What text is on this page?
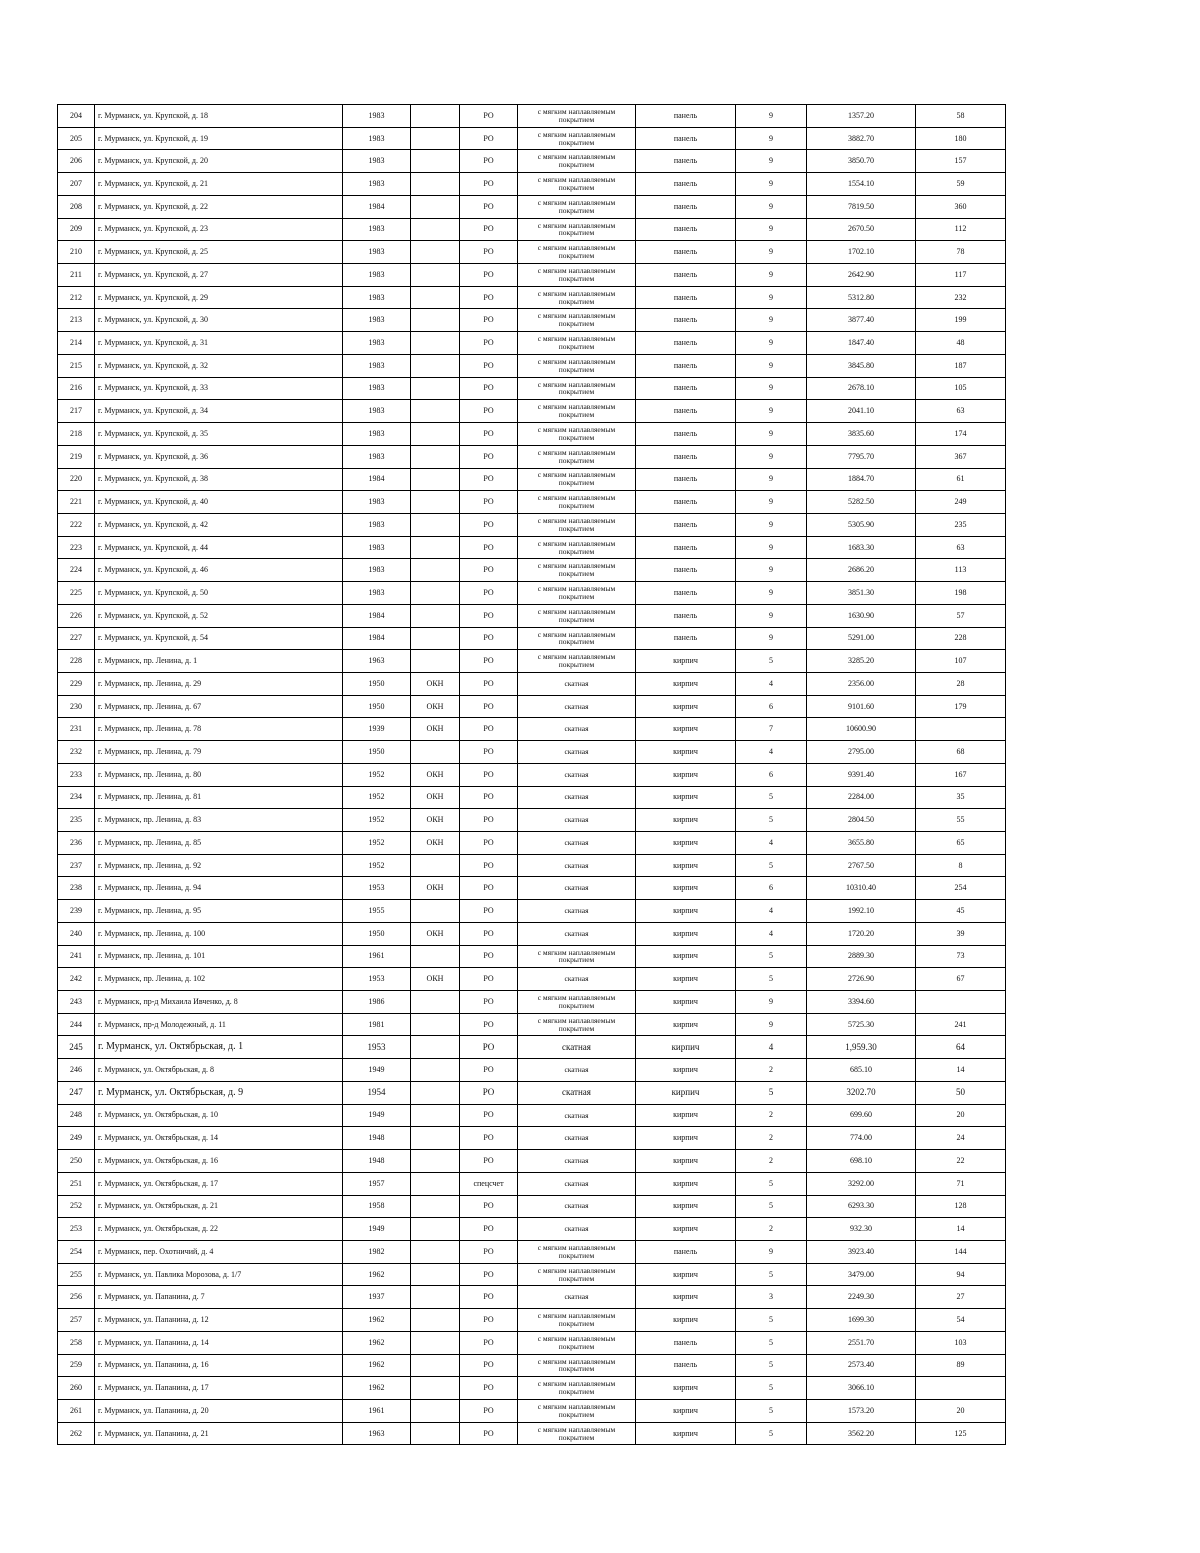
204	г. Мурманск, ул. Крупской, д. 18	1983		РО	с мягким наплавляемым покрытием	панель	9	1357.20	58
205	г. Мурманск, ул. Крупской, д. 19	1983		РО	с мягким наплавляемым покрытием	панель	9	3882.70	180
206	г. Мурманск, ул. Крупской, д. 20	1983		РО	с мягким наплавляемым покрытием	панель	9	3850.70	157
207	г. Мурманск, ул. Крупской, д. 21	1983		РО	с мягким наплавляемым покрытием	панель	9	1554.10	59
208	г. Мурманск, ул. Крупской, д. 22	1984		РО	с мягким наплавляемым покрытием	панель	9	7819.50	360
209	г. Мурманск, ул. Крупской, д. 23	1983		РО	с мягким наплавляемым покрытием	панель	9	2670.50	112
210	г. Мурманск, ул. Крупской, д. 25	1983		РО	с мягким наплавляемым покрытием	панель	9	1702.10	78
211	г. Мурманск, ул. Крупской, д. 27	1983		РО	с мягким наплавляемым покрытием	панель	9	2642.90	117
212	г. Мурманск, ул. Крупской, д. 29	1983		РО	с мягким наплавляемым покрытием	панель	9	5312.80	232
213	г. Мурманск, ул. Крупской, д. 30	1983		РО	с мягким наплавляемым покрытием	панель	9	3877.40	199
214	г. Мурманск, ул. Крупской, д. 31	1983		РО	с мягким наплавляемым покрытием	панель	9	1847.40	48
215	г. Мурманск, ул. Крупской, д. 32	1983		РО	с мягким наплавляемым покрытием	панель	9	3845.80	187
216	г. Мурманск, ул. Крупской, д. 33	1983		РО	с мягким наплавляемым покрытием	панель	9	2678.10	105
217	г. Мурманск, ул. Крупской, д. 34	1983		РО	с мягким наплавляемым покрытием	панель	9	2041.10	63
218	г. Мурманск, ул. Крупской, д. 35	1983		РО	с мягким наплавляемым покрытием	панель	9	3835.60	174
219	г. Мурманск, ул. Крупской, д. 36	1983		РО	с мягким наплавляемым покрытием	панель	9	7795.70	367
220	г. Мурманск, ул. Крупской, д. 38	1984		РО	с мягким наплавляемым покрытием	панель	9	1884.70	61
221	г. Мурманск, ул. Крупской, д. 40	1983		РО	с мягким наплавляемым покрытием	панель	9	5282.50	249
222	г. Мурманск, ул. Крупской, д. 42	1983		РО	с мягким наплавляемым покрытием	панель	9	5305.90	235
223	г. Мурманск, ул. Крупской, д. 44	1983		РО	с мягким наплавляемым покрытием	панель	9	1683.30	63
224	г. Мурманск, ул. Крупской, д. 46	1983		РО	с мягким наплавляемым покрытием	панель	9	2686.20	113
225	г. Мурманск, ул. Крупской, д. 50	1983		РО	с мягким наплавляемым покрытием	панель	9	3851.30	198
226	г. Мурманск, ул. Крупской, д. 52	1984		РО	с мягким наплавляемым покрытием	панель	9	1630.90	57
227	г. Мурманск, ул. Крупской, д. 54	1984		РО	с мягким наплавляемым покрытием	панель	9	5291.00	228
228	г. Мурманск, пр. Ленина, д. 1	1963		РО	с мягким наплавляемым покрытием	кирпич	5	3285.20	107
229	г. Мурманск, пр. Ленина, д. 29	1950	ОКН	РО	скатная	кирпич	4	2356.00	28
230	г. Мурманск, пр. Ленина, д. 67	1950	ОКН	РО	скатная	кирпич	6	9101.60	179
231	г. Мурманск, пр. Ленина, д. 78	1939	ОКН	РО	скатная	кирпич	7	10600.90	
232	г. Мурманск, пр. Ленина, д. 79	1950		РО	скатная	кирпич	4	2795.00	68
233	г. Мурманск, пр. Ленина, д. 80	1952	ОКН	РО	скатная	кирпич	6	9391.40	167
234	г. Мурманск, пр. Ленина, д. 81	1952	ОКН	РО	скатная	кирпич	5	2284.00	35
235	г. Мурманск, пр. Ленина, д. 83	1952	ОКН	РО	скатная	кирпич	5	2804.50	55
236	г. Мурманск, пр. Ленина, д. 85	1952	ОКН	РО	скатная	кирпич	4	3655.80	65
237	г. Мурманск, пр. Ленина, д. 92	1952		РО	скатная	кирпич	5	2767.50	8
238	г. Мурманск, пр. Ленина, д. 94	1953	ОКН	РО	скатная	кирпич	6	10310.40	254
239	г. Мурманск, пр. Ленина, д. 95	1955		РО	скатная	кирпич	4	1992.10	45
240	г. Мурманск, пр. Ленина, д. 100	1950	ОКН	РО	скатная	кирпич	4	1720.20	39
241	г. Мурманск, пр. Ленина, д. 101	1961		РО	с мягким наплавляемым покрытием	кирпич	5	2889.30	73
242	г. Мурманск, пр. Ленина, д. 102	1953	ОКН	РО	скатная	кирпич	5	2726.90	67
243	г. Мурманск, пр-д Михаила Ивченко, д. 8	1986		РО	с мягким наплавляемым покрытием	кирпич	9	3394.60	
244	г. Мурманск, пр-д Молодежный, д. 11	1981		РО	с мягким наплавляемым покрытием	кирпич	9	5725.30	241
245	г. Мурманск, ул. Октябрьская, д. 1	1953		РО	скатная	кирпич	4	1,959.30	64
246	г. Мурманск, ул. Октябрьская, д. 8	1949		РО	скатная	кирпич	2	685.10	14
247	г. Мурманск, ул. Октябрьская, д. 9	1954		РО	скатная	кирпич	5	3202.70	50
248	г. Мурманск, ул. Октябрьская, д. 10	1949		РО	скатная	кирпич	2	699.60	20
249	г. Мурманск, ул. Октябрьская, д. 14	1948		РО	скатная	кирпич	2	774.00	24
250	г. Мурманск, ул. Октябрьская, д. 16	1948		РО	скатная	кирпич	2	698.10	22
251	г. Мурманск, ул. Октябрьская, д. 17	1957		спецсчет	скатная	кирпич	5	3292.00	71
252	г. Мурманск, ул. Октябрьская, д. 21	1958		РО	скатная	кирпич	5	6293.30	128
253	г. Мурманск, ул. Октябрьская, д. 22	1949		РО	скатная	кирпич	2	932.30	14
254	г. Мурманск, пер. Охотничий, д. 4	1982		РО	с мягким наплавляемым покрытием	панель	9	3923.40	144
255	г. Мурманск, ул. Павлика Морозова, д. 1/7	1962		РО	с мягким наплавляемым покрытием	кирпич	5	3479.00	94
256	г. Мурманск, ул. Папанина, д. 7	1937		РО	скатная	кирпич	3	2249.30	27
257	г. Мурманск, ул. Папанина, д. 12	1962		РО	с мягким наплавляемым покрытием	кирпич	5	1699.30	54
258	г. Мурманск, ул. Папанина, д. 14	1962		РО	с мягким наплавляемым покрытием	панель	5	2551.70	103
259	г. Мурманск, ул. Папанина, д. 16	1962		РО	с мягким наплавляемым покрытием	панель	5	2573.40	89
260	г. Мурманск, ул. Папанина, д. 17	1962		РО	с мягким наплавляемым покрытием	кирпич	5	3066.10	
261	г. Мурманск, ул. Папанина, д. 20	1961		РО	с мягким наплавляемым покрытием	кирпич	5	1573.20	20
262	г. Мурманск, ул. Папанина, д. 21	1963		РО	с мягким наплавляемым покрытием	кирпич	5	3562.20	125
